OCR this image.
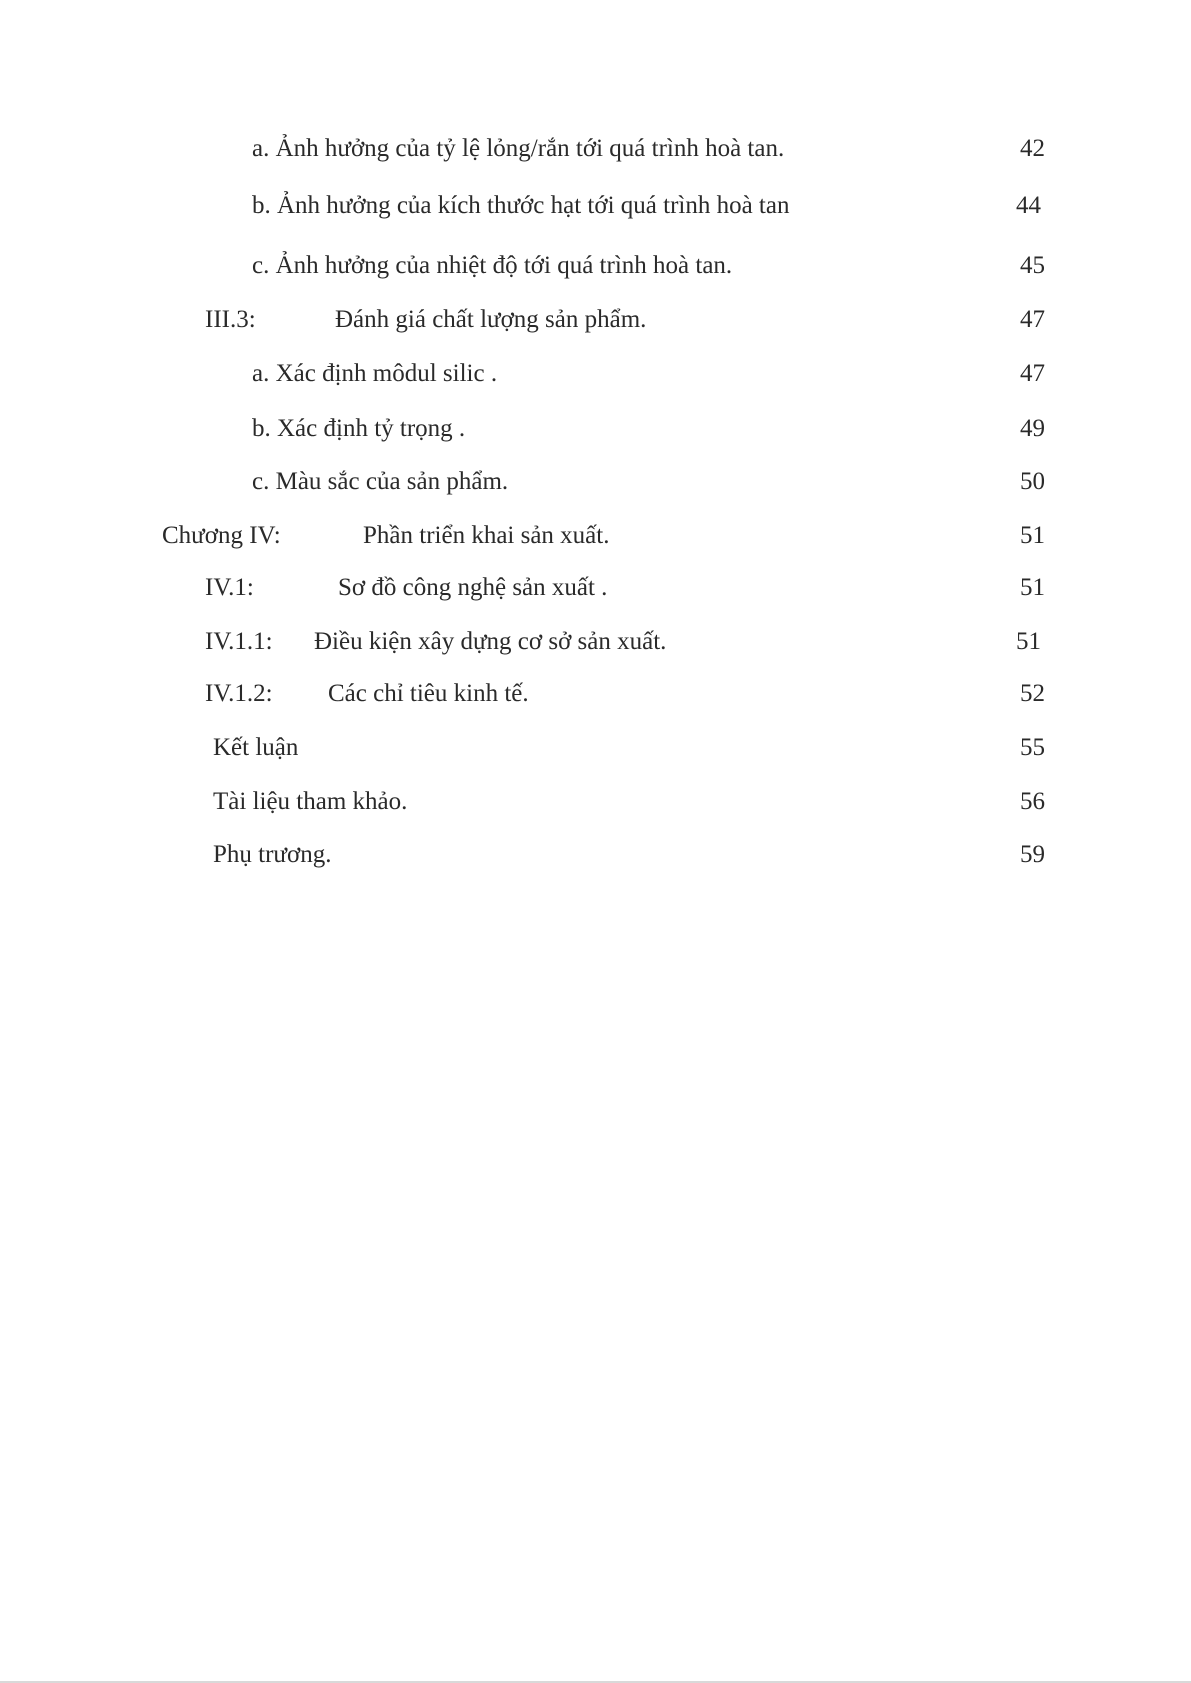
a. Ảnh hưởng của tỷ lệ lỏng/rắn tới quá trình hoà tan.	42
b. Ảnh hưởng của kích thước hạt tới quá trình hoà tan	44
c. Ảnh hưởng của nhiệt độ tới quá trình hoà tan.	45
III.3:	Đánh giá chất lượng sản phẩm.	47
a. Xác định môdul silic .	47
b. Xác định tỷ trọng .	49
c. Màu sắc của sản phẩm.	50
Chương IV:	Phần triển khai sản xuất.	51
IV.1:	Sơ đồ công nghệ sản xuất .	51
IV.1.1: Điều kiện xây dựng cơ sở sản xuất.	51
IV.1.2: Các chỉ tiêu kinh tế.	52
Kết luận	55
Tài liệu tham khảo.	56
Phụ trương.	59
